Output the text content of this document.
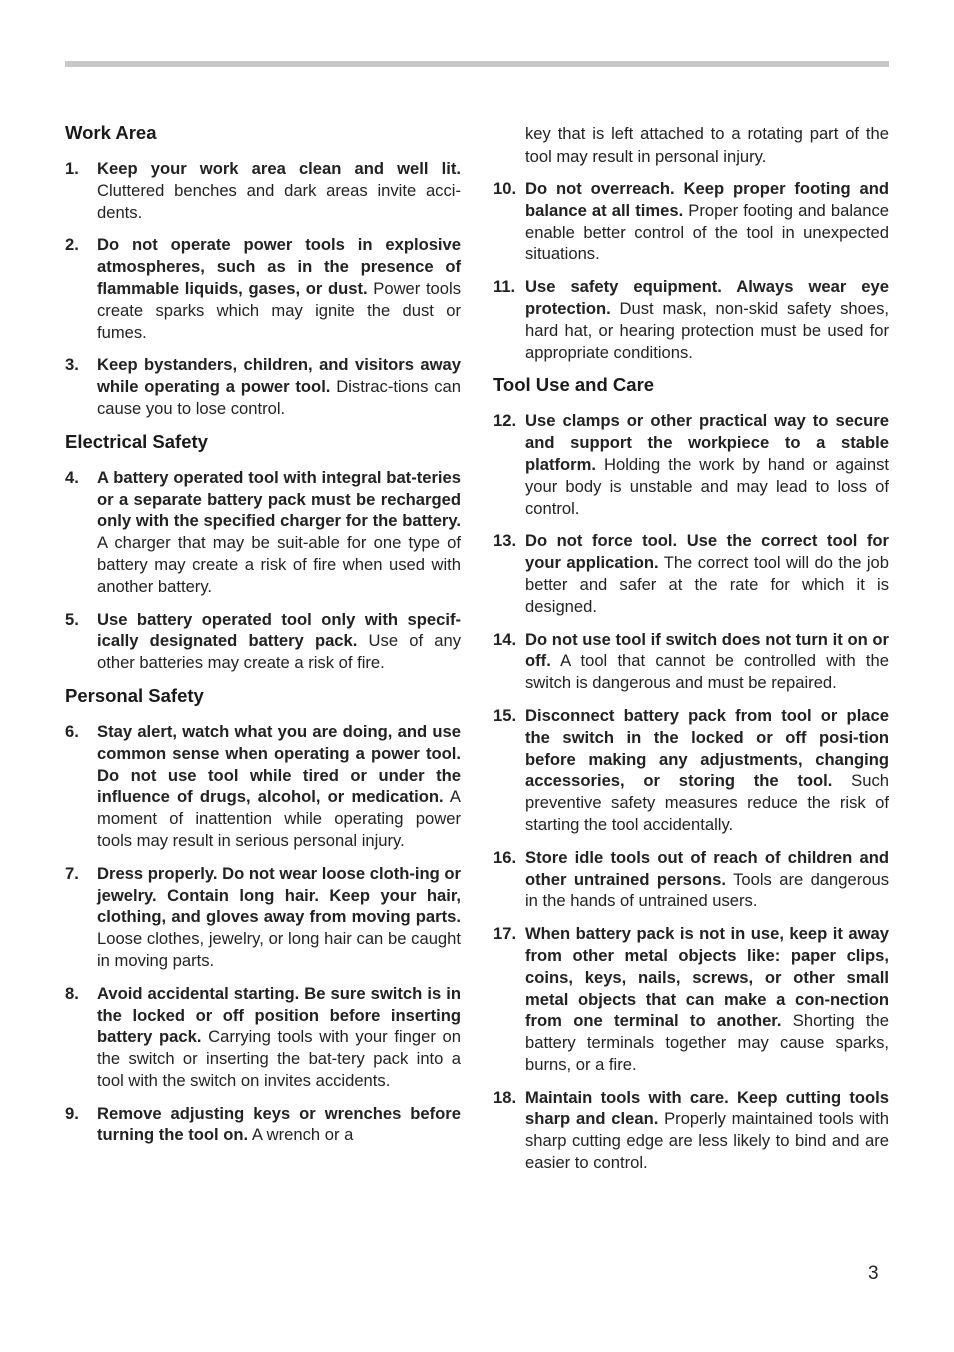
Work Area
1.	Keep your work area clean and well lit. Cluttered benches and dark areas invite acci-dents.
2.	Do not operate power tools in explosive atmospheres, such as in the presence of flammable liquids, gases, or dust. Power tools create sparks which may ignite the dust or fumes.
3.	Keep bystanders, children, and visitors away while operating a power tool. Distrac-tions can cause you to lose control.
Electrical Safety
4.	A battery operated tool with integral bat-teries or a separate battery pack must be recharged only with the specified charger for the battery. A charger that may be suit-able for one type of battery may create a risk of fire when used with another battery.
5.	Use battery operated tool only with specif-ically designated battery pack. Use of any other batteries may create a risk of fire.
Personal Safety
6.	Stay alert, watch what you are doing, and use common sense when operating a power tool. Do not use tool while tired or under the influence of drugs, alcohol, or medication. A moment of inattention while operating power tools may result in serious personal injury.
7.	Dress properly. Do not wear loose cloth-ing or jewelry. Contain long hair. Keep your hair, clothing, and gloves away from moving parts. Loose clothes, jewelry, or long hair can be caught in moving parts.
8.	Avoid accidental starting. Be sure switch is in the locked or off position before inserting battery pack. Carrying tools with your finger on the switch or inserting the bat-tery pack into a tool with the switch on invites accidents.
9.	Remove adjusting keys or wrenches before turning the tool on. A wrench or a
key that is left attached to a rotating part of the tool may result in personal injury.
10. Do not overreach. Keep proper footing and balance at all times. Proper footing and balance enable better control of the tool in unexpected situations.
11. Use safety equipment. Always wear eye protection. Dust mask, non-skid safety shoes, hard hat, or hearing protection must be used for appropriate conditions.
Tool Use and Care
12. Use clamps or other practical way to secure and support the workpiece to a stable platform. Holding the work by hand or against your body is unstable and may lead to loss of control.
13. Do not force tool. Use the correct tool for your application. The correct tool will do the job better and safer at the rate for which it is designed.
14. Do not use tool if switch does not turn it on or off. A tool that cannot be controlled with the switch is dangerous and must be repaired.
15. Disconnect battery pack from tool or place the switch in the locked or off posi-tion before making any adjustments, changing accessories, or storing the tool. Such preventive safety measures reduce the risk of starting the tool accidentally.
16. Store idle tools out of reach of children and other untrained persons. Tools are dangerous in the hands of untrained users.
17. When battery pack is not in use, keep it away from other metal objects like: paper clips, coins, keys, nails, screws, or other small metal objects that can make a con-nection from one terminal to another. Shorting the battery terminals together may cause sparks, burns, or a fire.
18. Maintain tools with care. Keep cutting tools sharp and clean. Properly maintained tools with sharp cutting edge are less likely to bind and are easier to control.
3
